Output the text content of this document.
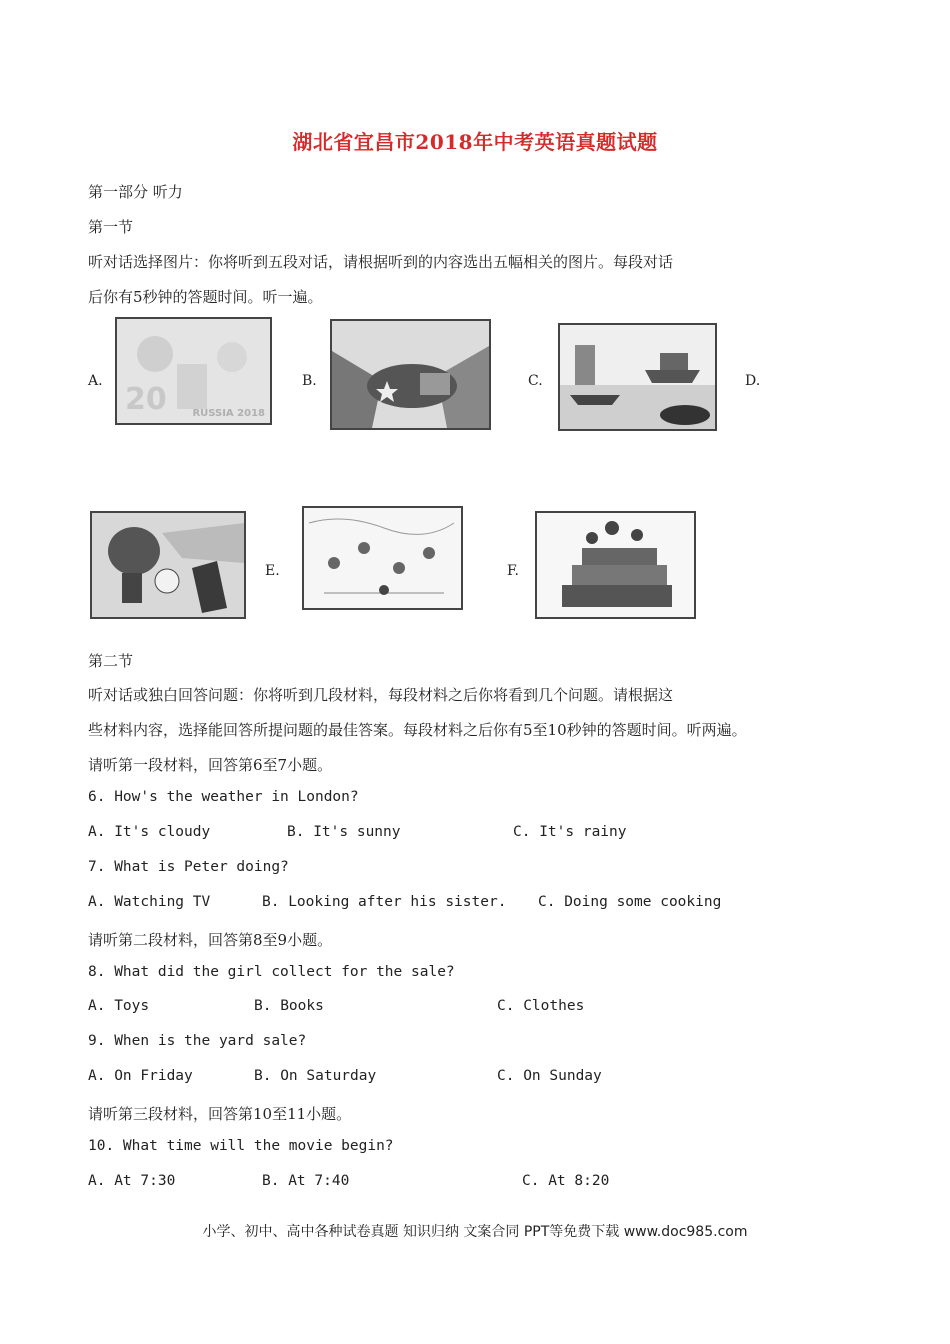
湖北省宜昌市2018年中考英语真题试题
第一部分 听力
第一节
听对话选择图片：你将听到五段对话，请根据听到的内容选出五幅相关的图片。每段对话
后你有5秒钟的答题时间。听一遍。
A.
20	RUSSIA 2018
B.	C.	D.
E.	F.
第二节
听对话或独白回答问题：你将听到几段材料，每段材料之后你将看到几个问题。请根据这
些材料内容，选择能回答所提问题的最佳答案。每段材料之后你有5至10秒钟的答题时间。听两遍。
请听第一段材料，回答第6至7小题。
6. How's the weather in London?
A. It's cloudy	B. It's sunny	C. It's rainy
7. What is Peter doing?
A. Watching TV	B. Looking after his sister. C. Doing some cooking
请听第二段材料，回答第8至9小题。
8. What did the girl collect for the sale?
A. Toys	B. Books	C. Clothes
9. When is the yard sale?
A. On Friday	B. On Saturday	C. On Sunday
请听第三段材料，回答第10至11小题。
10. What time will the movie begin?
A. At 7:30	B. At 7:40	C. At 8:20
小学、初中、高中各种试卷真题 知识归纳 文案合同 PPT等免费下载 www.doc985.com
